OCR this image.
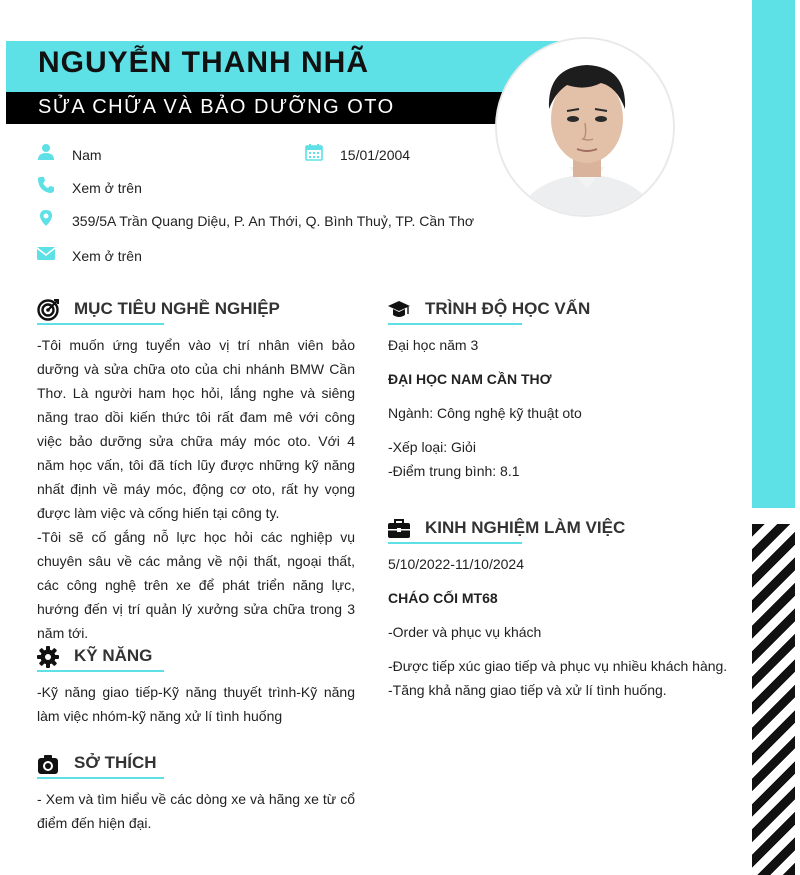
NGUYỄN THANH NHÃ
SỬA CHỮA VÀ BẢO DƯỠNG OTO
Nam	15/01/2004
Xem ở trên
359/5A Trần Quang Diệu, P. An Thới, Q. Bình Thuỷ, TP. Cần Thơ
Xem ở trên
MỤC TIÊU NGHỀ NGHIỆP
-Tôi muốn ứng tuyển vào vị trí nhân viên bảo dưỡng và sửa chữa oto của chi nhánh BMW Cần Thơ. Là người ham học hỏi, lắng nghe và siêng năng trao dồi kiến thức tôi rất đam mê với công việc bảo dưỡng sửa chữa máy móc oto. Với 4 năm học vấn, tôi đã tích lũy được những kỹ năng nhất định về máy móc, động cơ oto, rất hy vọng được làm việc và cống hiến tại công ty.
-Tôi sẽ cố gắng nỗ lực học hỏi các nghiệp vụ chuyên sâu về các mảng về nội thất, ngoại thất, các công nghệ trên xe để phát triển năng lực, hướng đến vị trí quản lý xưởng sửa chữa trong 3 năm tới.
KỸ NĂNG
-Kỹ năng giao tiếp-Kỹ năng thuyết trình-Kỹ năng làm việc nhóm-kỹ năng xử lí tình huống
SỞ THÍCH
- Xem và tìm hiểu về các dòng xe và hãng xe từ cổ điểm đến hiện đại.
TRÌNH ĐỘ HỌC VẤN
Đại học năm 3
ĐẠI HỌC NAM CẦN THƠ
Ngành: Công nghệ kỹ thuật oto
-Xếp loại: Giỏi
-Điểm trung bình: 8.1
KINH NGHIỆM LÀM VIỆC
5/10/2022-11/10/2024
CHÁO CỐI MT68
-Order và phục vụ khách
-Được tiếp xúc giao tiếp và phục vụ nhiều khách hàng.
-Tăng khả năng giao tiếp và xử lí tình huống.
